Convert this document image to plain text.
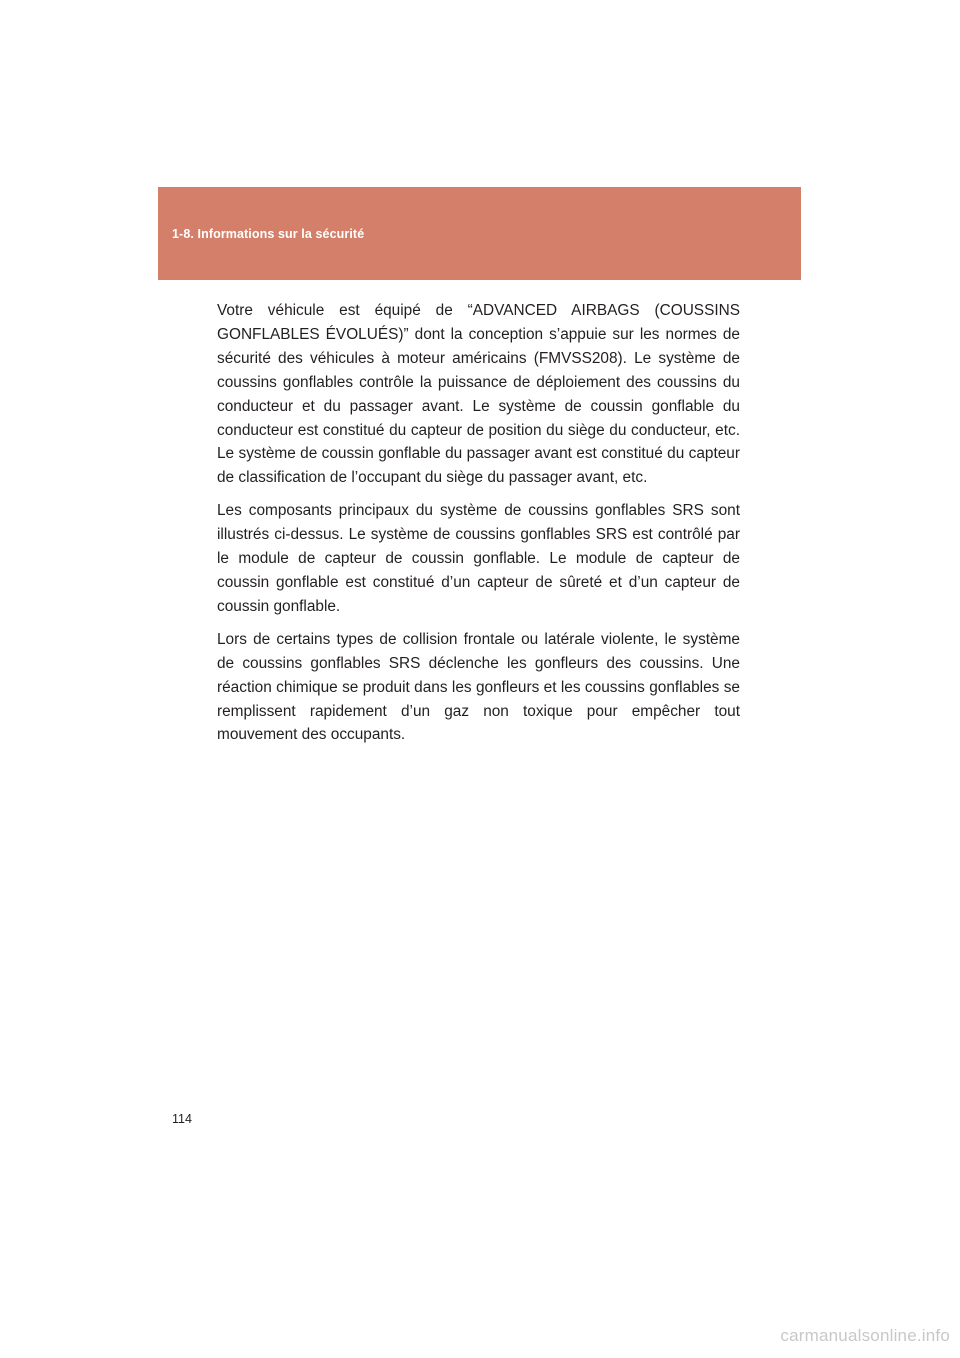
1-8. Informations sur la sécurité

Votre véhicule est équipé de “ADVANCED AIRBAGS (COUSSINS GONFLABLES ÉVOLUÉS)” dont la conception s’appuie sur les normes de sécurité des véhicules à moteur américains (FMVSS208). Le système de coussins gonflables contrôle la puissance de déploiement des coussins du conducteur et du passager avant. Le système de coussin gonflable du conducteur est constitué du capteur de position du siège du conducteur, etc. Le système de coussin gonflable du passager avant est constitué du capteur de classification de l’occupant du siège du passager avant, etc.

Les composants principaux du système de coussins gonflables SRS sont illustrés ci-dessus. Le système de coussins gonflables SRS est contrôlé par le module de capteur de coussin gonflable. Le module de capteur de coussin gonflable est constitué d’un capteur de sûreté et d’un capteur de coussin gonflable.

Lors de certains types de collision frontale ou latérale violente, le système de coussins gonflables SRS déclenche les gonfleurs des coussins. Une réaction chimique se produit dans les gonfleurs et les coussins gonflables se remplissent rapidement d’un gaz non toxique pour empêcher tout mouvement des occupants.

114
carmanualsonline.info
